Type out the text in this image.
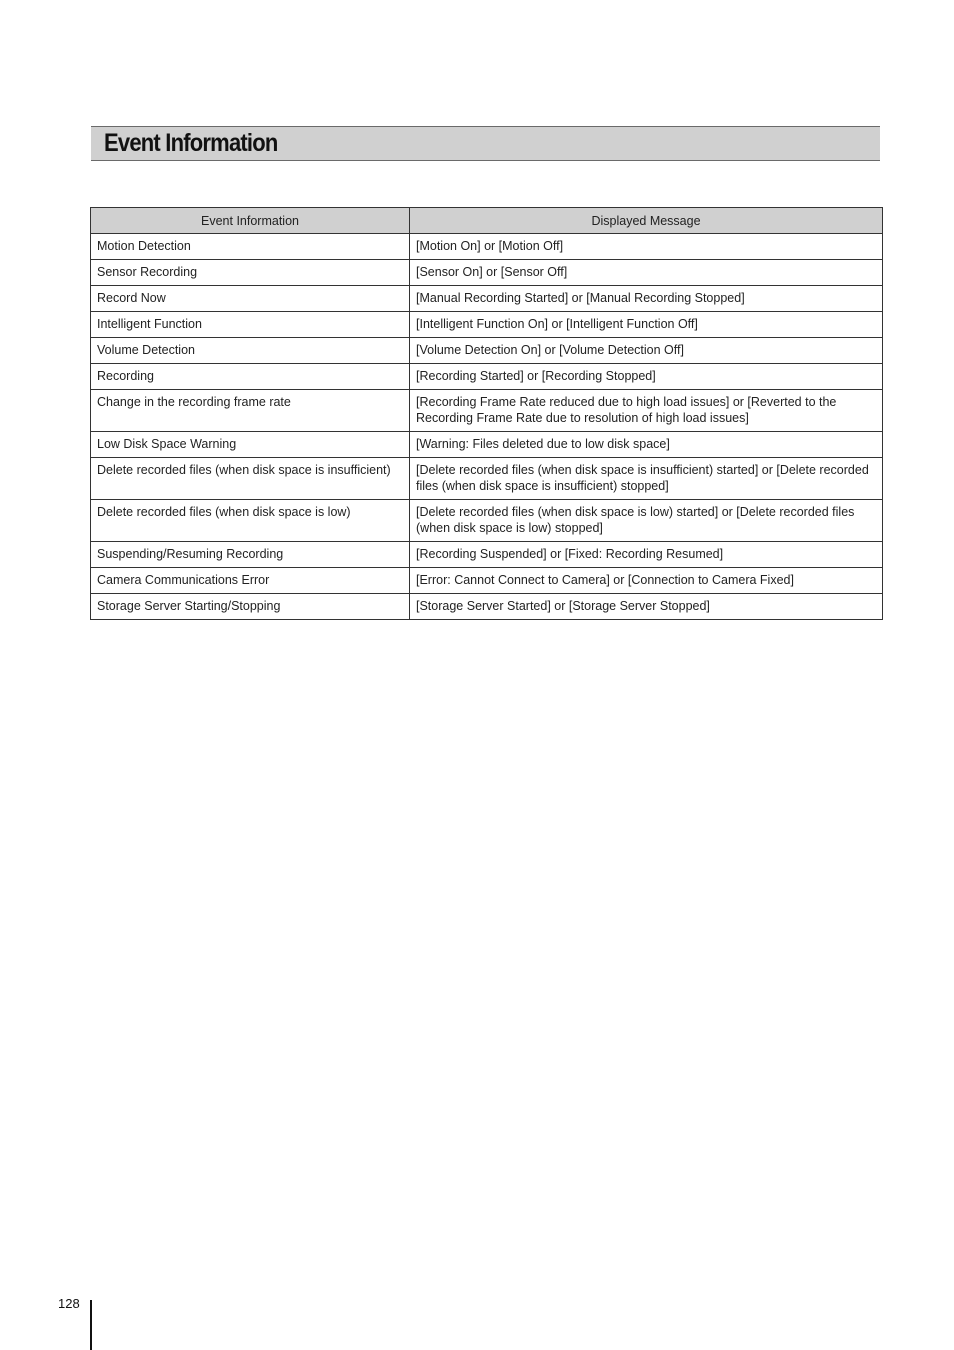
Event Information
Event Information	Displayed Message
Motion Detection	[Motion On] or [Motion Off]
Sensor Recording	[Sensor On] or [Sensor Off]
Record Now	[Manual Recording Started] or [Manual Recording Stopped]
Intelligent Function	[Intelligent Function On] or [Intelligent Function Off]
Volume Detection	[Volume Detection On] or [Volume Detection Off]
Recording	[Recording Started] or [Recording Stopped]
Change in the recording frame rate	[Recording Frame Rate reduced due to high load issues] or [Reverted to the Recording Frame Rate due to resolution of high load issues]
Low Disk Space Warning	[Warning: Files deleted due to low disk space]
Delete recorded files (when disk space is insufficient)	[Delete recorded files (when disk space is insufficient) started] or [Delete recorded files (when disk space is insufficient) stopped]
Delete recorded files (when disk space is low)	[Delete recorded files (when disk space is low) started] or [Delete recorded files (when disk space is low) stopped]
Suspending/Resuming Recording	[Recording Suspended] or [Fixed: Recording Resumed]
Camera Communications Error	[Error: Cannot Connect to Camera] or [Connection to Camera Fixed]
Storage Server Starting/Stopping	[Storage Server Started] or [Storage Server Stopped]
128
